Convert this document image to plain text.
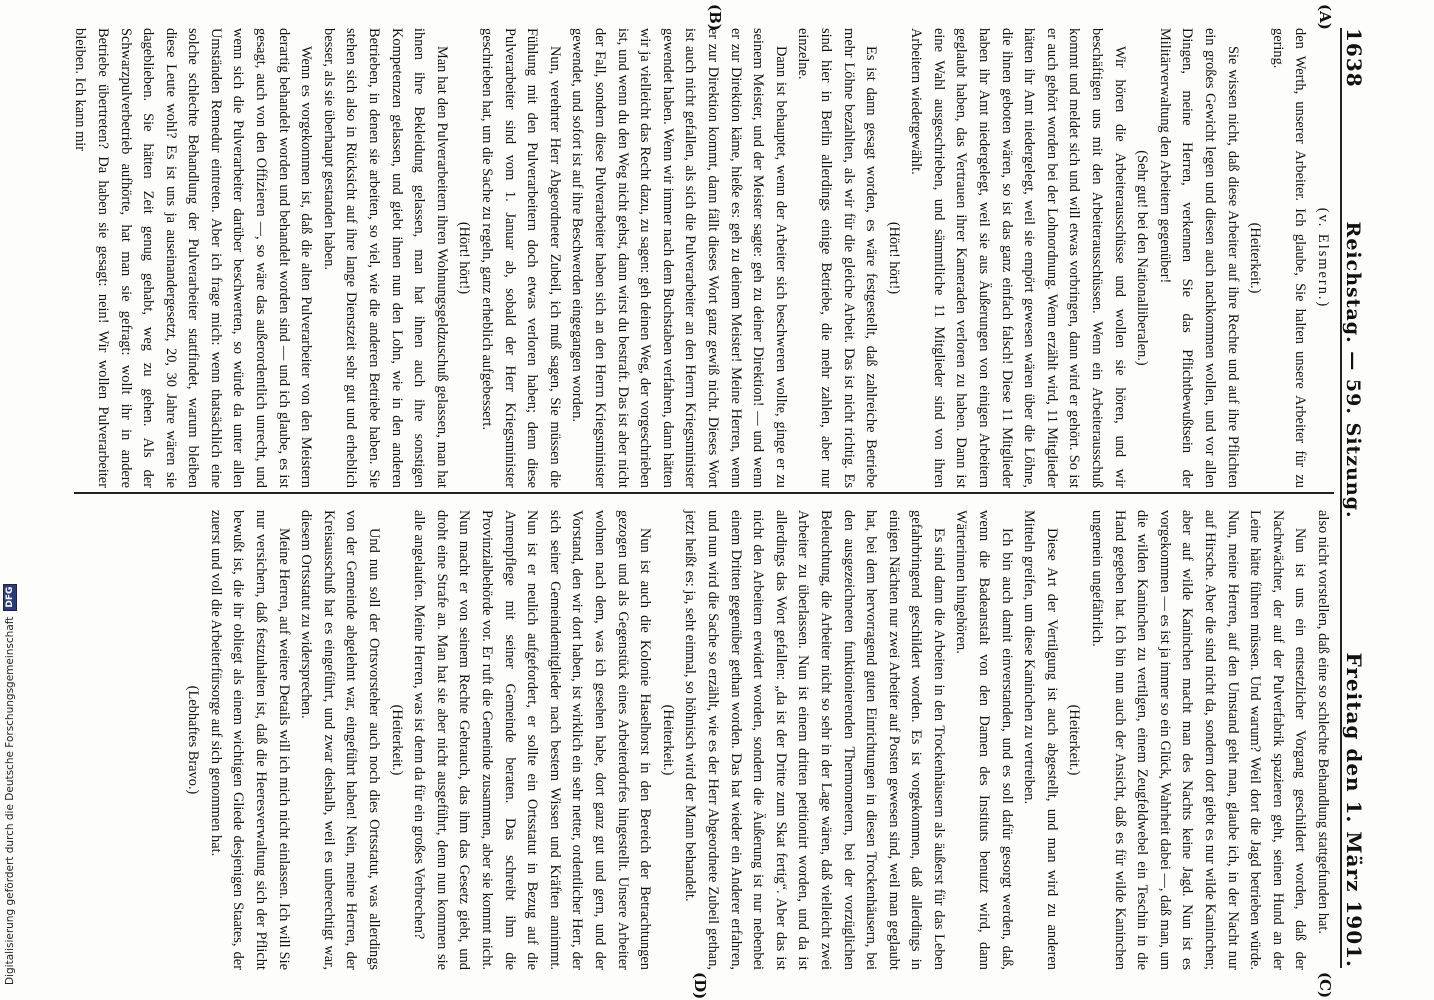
1638
Reichstag. — 59. Sitzung.
Freitag den 1. März 1901.
(A)
(B)
(C)
(D)

(v. Elsmern.)

den Werth, unserer Arbeiter. Ich glaube, Sie halten unsere Arbeiter für zu gering.

(Heiterkeit.)

Sie wissen nicht, daß diese Arbeiter auf ihre Rechte und auf ihre Pflichten ein großes Gewicht legen und diesen auch nachkommen wollen, und vor allen Dingen, meine Herren, verkennen Sie das Pflichtbewußtsein der Militärverwaltung den Arbeitern gegenüber!

(Sehr gut! bei den Nationalliberalen.)

Wir hören die Arbeiterausschüsse und wollen sie hören, und wir beschäftigen uns mit den Arbeiterausschüssen. Wenn ein Arbeiterausschuß kommt und meldet sich und will etwas vorbringen, dann wird er gehört. So ist er auch gehört worden bei der Lohnordnung. Wenn erzählt wird, 11 Mitglieder hätten ihr Amt niedergelegt, weil sie empört gewesen wären über die Löhne, die ihnen geboten wären, so ist das ganz einfach falsch! Diese 11 Mitglieder haben ihr Amt niedergelegt, weil sie aus Äußerungen von einigen Arbeitern geglaubt haben, das Vertrauen ihrer Kameraden verloren zu haben. Dann ist eine Wahl ausgeschrieben, und sämmtliche 11 Mitglieder sind von ihren Arbeitern wiedergewählt.

(Hört! hört!)

Es ist dann gesagt worden, es wäre festgestellt, daß zahlreiche Betriebe mehr Löhne bezahlten, als wir für die gleiche Arbeit. Das ist nicht richtig. Es sind hier in Berlin allerdings einige Betriebe, die mehr zahlen, aber nur einzelne.

Dann ist behauptet, wenn der Arbeiter sich beschweren wollte, ginge er zu seinem Meister, und der Meister sagte: geh zu deiner Direktion! — und wenn er zur Direktion käme, hieße es: geh zu deinem Meister! Meine Herren, wenn er zur Direktion kommt, dann fällt dieses Wort ganz gewiß nicht. Dieses Wort ist auch nicht gefallen, als sich die Pulverarbeiter an den Herrn Kriegsminister gewendet haben. Wenn wir immer nach dem Buchstaben verfahren, dann hätten wir ja vielleicht das Recht dazu, zu sagen: geh deinen Weg, der vorgeschrieben ist, und wenn du den Weg nicht gehst, dann wirst du bestraft. Das ist aber nicht der Fall, sondern diese Pulverarbeiter haben sich an den Herrn Kriegsminister gewendet, und sofort ist auf ihre Beschwerden eingegangen worden.

Nun, verehrter Herr Abgeordneter Zubeil, ich muß sagen, Sie müssen die Fühlung mit den Pulverarbeitern doch etwas verloren haben; denn diese Pulverarbeiter sind vom 1. Januar ab, sobald der Herr Kriegsminister geschrieben hat, um die Sache zu regeln, ganz erheblich aufgebessert.

(Hört! hört!)

Man hat den Pulverarbeitern ihren Wohnungsgeldzuschuß gelassen, man hat ihnen ihre Bekleidung gelassen, man hat ihnen auch ihre sonstigen Kompetenzen gelassen, und giebt ihnen nun den Lohn, wie in den anderen Betrieben, in denen sie arbeiten, so viel, wie die anderen Betriebe haben. Sie stehen sich also in Rücksicht auf ihre lange Dienstzeit sehr gut und erheblich besser, als sie überhaupt gestanden haben.

Wenn es vorgekommen ist, daß die alten Pulverarbeiter von den Meistern derartig behandelt worden und behandelt worden sind — und ich glaube, es ist gesagt, auch von den Offizieren —, so wäre das außerordentlich unrecht, und wenn sich die Pulverarbeiter darüber beschwerten, so würde da unter allen Umständen Remedur eintreten. Aber ich frage mich: wenn thatsächlich eine solche schlechte Behandlung der Pulverarbeiter stattfindet, warum bleiben diese Leute wohl? Es ist uns ja auseinandergesetzt, 20, 30 Jahre wären sie dageblieben. Sie hätten Zeit genug gehabt, weg zu gehen. Als der Schwarzpulverbetrieb aufhörte, hat man sie gefragt: wollt ihr in andere Betriebe übertreten? Da haben sie gesagt: nein! Wir wollen Pulverarbeiter bleiben. Ich kann mir

also nicht vorstellen, daß eine so schlechte Behandlung stattgefunden hat.

Nun ist uns ein entsetzlicher Vorgang geschildert worden, daß der Nachtwächter, der auf der Pulverfabrik spazieren geht, seinen Hund an der Leine hätte führen müssen. Und warum? Weil dort die Jagd betrieben würde. Nun, meine Herren, auf den Umstand geht man, glaube ich, in der Nacht nur auf Hirsche. Aber die sind nicht da, sondern dort giebt es nur wilde Kaninchen; aber auf wilde Kaninchen macht man des Nachts keine Jagd. Nun ist es vorgekommen — es ist ja immer so ein Glück, Wahrheit dabei —, daß man, um die wilden Kaninchen zu vertilgen, einem Zeugfeldwebel ein Teschin in die Hand gegeben hat. Ich bin nun auch der Ansicht, daß es für wilde Kaninchen ungemein ungefährlich.

(Heiterkeit.)

Diese Art der Vertilgung ist auch abgestellt, und man wird zu anderen Mitteln greifen, um diese Kaninchen zu vertreiben.

Ich bin auch damit einverstanden, und es soll dafür gesorgt werden, daß, wenn die Badeanstalt von den Damen des Instituts benutzt wird, dann Wärterinnen hingehören.

Es sind dann die Arbeiten in den Trockenhäusern als äußerst für das Leben gefahrbringend geschildert worden. Es ist vorgekommen, daß allerdings in einigen Nächten nur zwei Arbeiter auf Posten gewesen sind, weil man geglaubt hat, bei dem hervorragend guten Einrichtungen in diesen Trockenhäusern, bei den ausgezeichneten funktionierenden Thermometern, bei der vorzüglichen Beleuchtung, die Arbeiter nicht so sehr in der Lage wären, daß vielleicht zwei Arbeiter zu überlassen. Nun ist einem dritten petitionirt worden, und da ist allerdings das Wort gefallen: „da ist der Dritte zum Skat fertig“. Aber das ist nicht den Arbeitern erwidert worden, sondern die Äußerung ist nur nebenbei einem Dritten gegenüber gethan worden. Das hat wieder ein Anderer erfahren, und nun wird die Sache so erzählt, wie es der Herr Abgeordnete Zubeil gethan, jetzt heißt es: ja, seht einmal, so höhnisch wird der Mann behandelt.

(Heiterkeit.)

Nun ist auch die Kolonie Haselhorst in den Bereich der Betrachtungen gezogen und als Gegenstück eines Arbeiterdorfes hingestellt. Unsere Arbeiter wohnen nach dem, was ich gesehen habe, dort ganz gut und gern, und der Vorstand, den wir dort haben, ist wirklich ein sehr netter, ordentlicher Herr, der sich seiner Gemeindemitglieder nach bestem Wissen und Kräften annimmt. Nun ist er neulich aufgefordert, er sollte ein Ortsstatut in Bezug auf die Armenpflege mit seiner Gemeinde beraten. Das schreibt ihm die Provinzialbehörde vor. Er ruft die Gemeinde zusammen, aber sie kommt nicht. Nun macht er von seinem Rechte Gebrauch, das ihm das Gesetz giebt, und droht eine Strafe an. Man hat sie aber nicht ausgeführt, denn nun kommen sie alle angelaufen. Meine Herren, was ist denn da für ein großes Verbrechen?

(Heiterkeit.)

Und nun soll der Ortsvorsteher auch noch dies Ortsstatut, was allerdings von der Gemeinde abgelehnt war, eingeführt haben! Nein, meine Herren, der Kreisausschuß hat es eingeführt, und zwar deshalb, weil es unberechtigt war, diesem Ortsstatut zu widersprechen.

Meine Herren, auf weitere Details will ich mich nicht einlassen. Ich will Sie nur versichern, daß festzuhalten ist, daß die Heeresverwaltung sich der Pflicht bewußt ist, die ihr obliegt als einem wichtigen Gliede desjenigen Staates, der zuerst und voll die Arbeiterfürsorge auf sich genommen hat.

(Lebhaftes Bravo.)

Digitalisierung gefördert durch die Deutsche Forschungsgemeinschaft
DFG
